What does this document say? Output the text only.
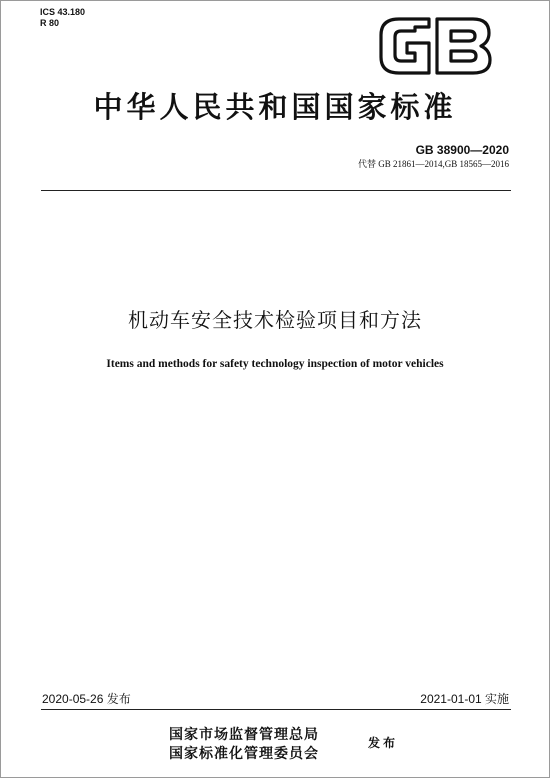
ICS 43.180
R 80
中华人民共和国国家标准
GB 38900—2020
代替 GB 21861—2014,GB 18565—2016
机动车安全技术检验项目和方法
Items and methods for safety technology inspection of motor vehicles
2020-05-26 发布	2021-01-01 实施
国家市场监督管理总局
国家标准化管理委员会
发布
